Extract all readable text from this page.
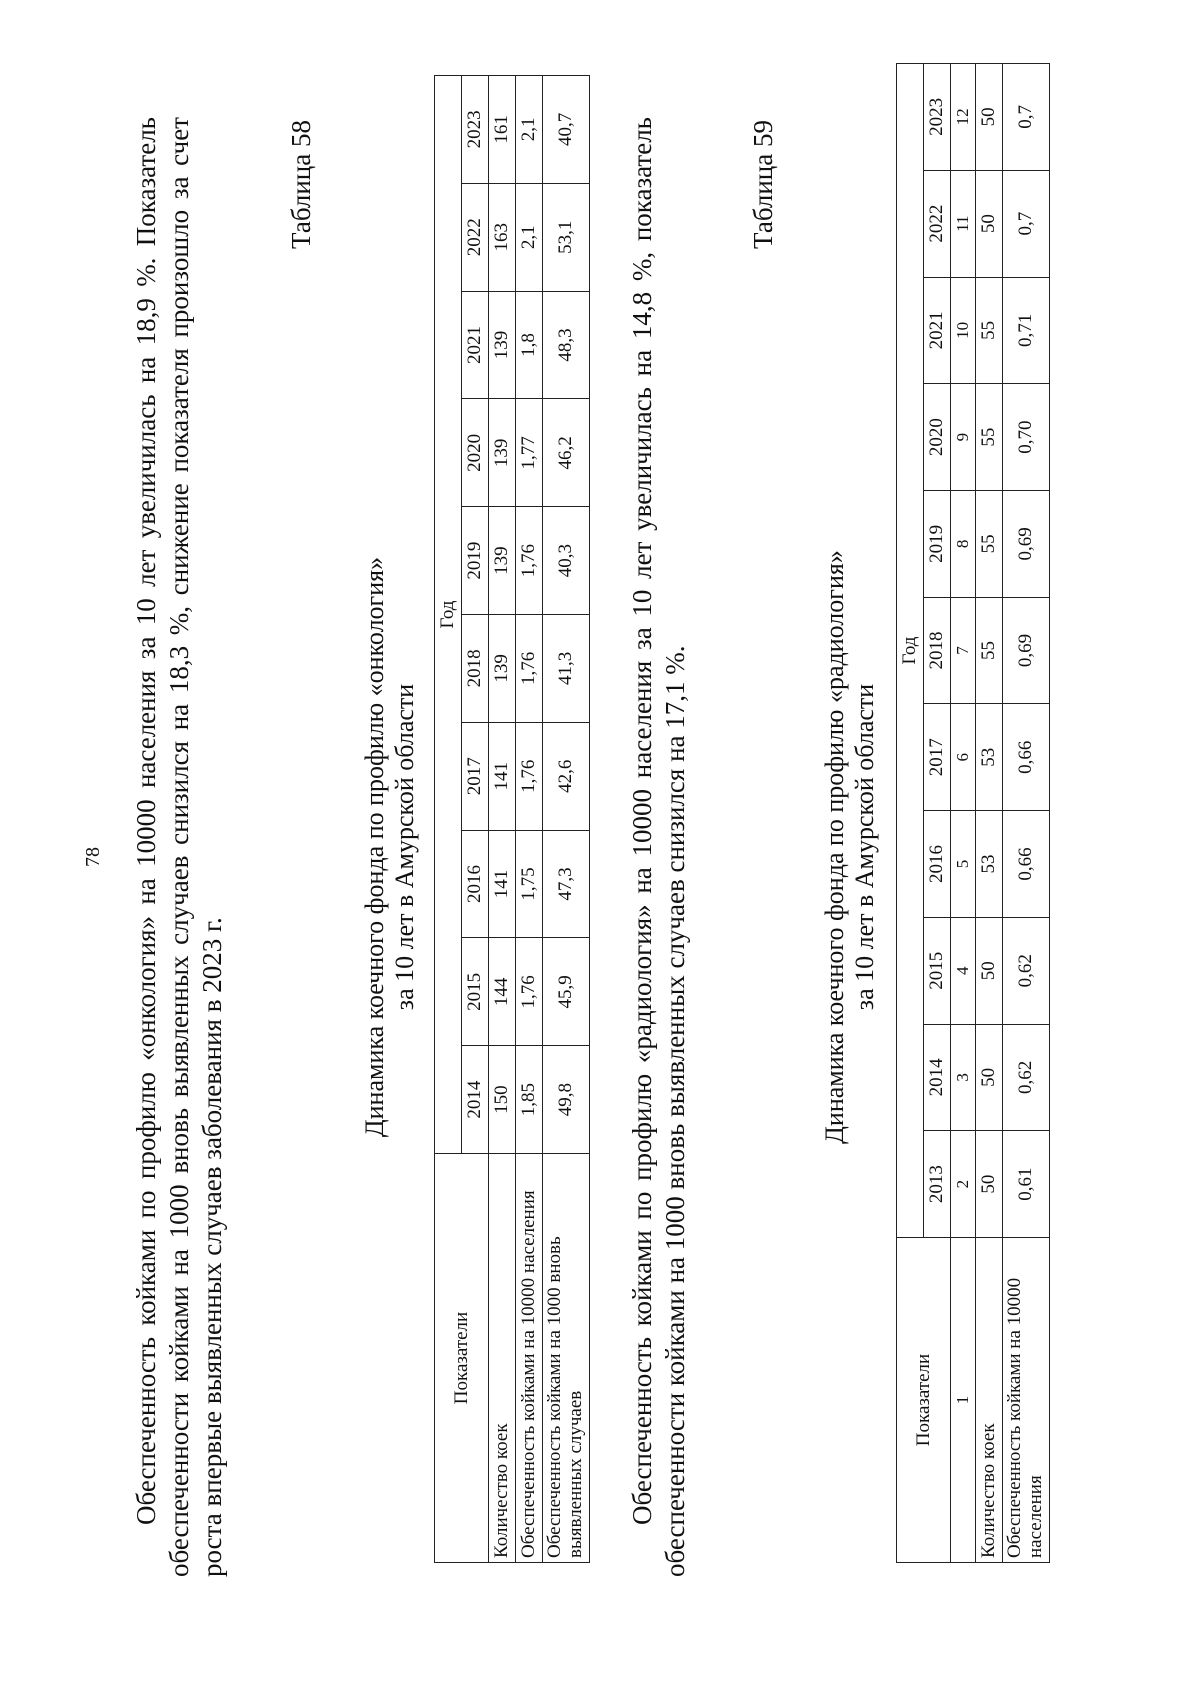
78 Обеспеченность койками по профилю «онкология» на 10000 населения за 10 лет увеличилась на 18,9 %. Показатель обеспеченности койками на 1000 вновь выявленных случаев снизился на 18,3 %, снижение показателя произошло за счет роста впервые выявленных случаев заболевания в 2023 г.
Таблица 58
Динамика коечного фонда по профилю «онкология» за 10 лет в Амурской области
Показатели	Год									
	2014	2015	2016	2017	2018	2019	2020	2021	2022	2023
Количество коек	150	144	141	141	139	139	139	139	163	161
Обеспеченность койками на 10000 населения	1,85	1,76	1,75	1,76	1,76	1,76	1,77	1,8	2,1	2,1
Обеспеченность койками на 1000 вновь выявленных случаев	49,8	45,9	47,3	42,6	41,3	40,3	46,2	48,3	53,1	40,7 Обеспеченность койками по профилю «радиология» на 10000 населения за 10 лет увеличилась на 14,8 %, показатель обеспеченности койками на 1000 вновь выявленных случаев снизился на 17,1 %.
Таблица 59
Динамика коечного фонда по профилю «радиология» за 10 лет в Амурской области
Показатели	Год										
	2013	2014	2015	2016	2017	2018	2019	2020	2021	2022	2023
1	2	3	4	5	6	7	8	9	10	11	12
Количество коек	50	50	50	53	53	55	55	55	55	50	50
Обеспеченность койками на 10000 населения	0,61	0,62	0,62	0,66	0,66	0,69	0,69	0,70	0,71	0,7	0,7
